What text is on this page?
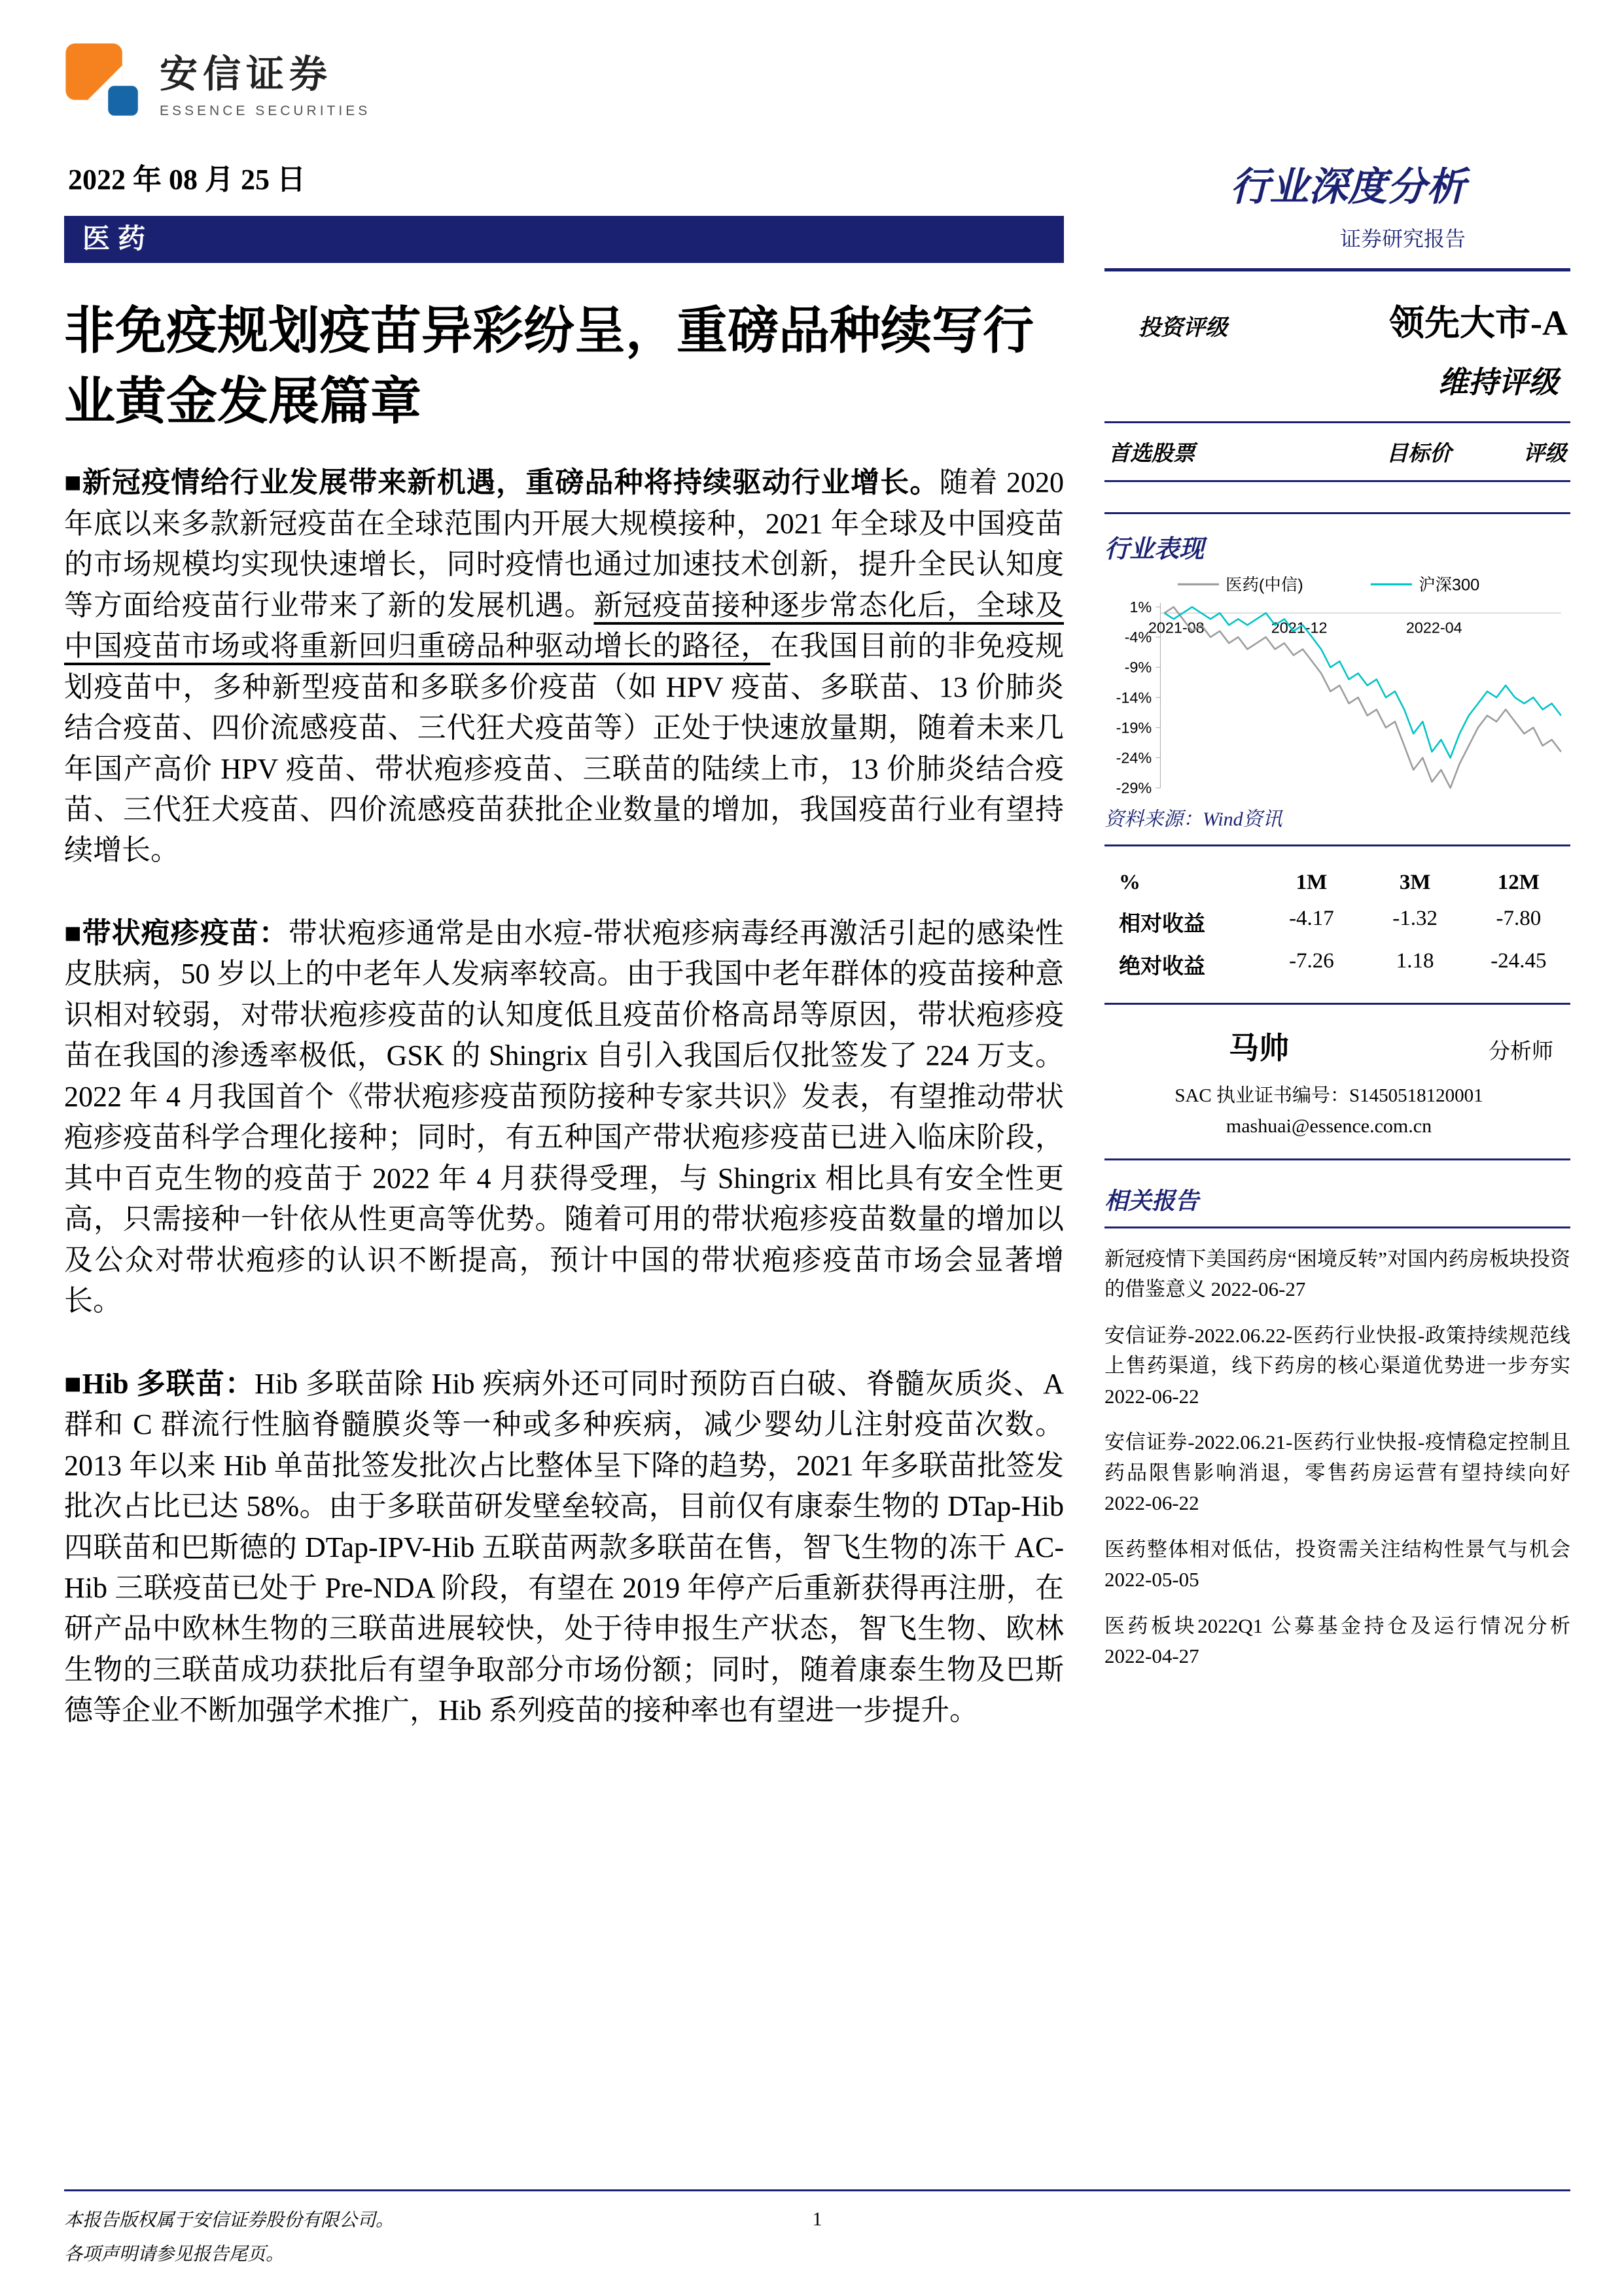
安信证券
ESSENCE SECURITIES
2022 年 08 月 25 日
医药
非免疫规划疫苗异彩纷呈，重磅品种续写行业黄金发展篇章

■新冠疫情给行业发展带来新机遇，重磅品种将持续驱动行业增长。随着 2020 年底以来多款新冠疫苗在全球范围内开展大规模接种，2021 年全球及中国疫苗的市场规模均实现快速增长，同时疫情也通过加速技术创新，提升全民认知度等方面给疫苗行业带来了新的发展机遇。新冠疫苗接种逐步常态化后，全球及中国疫苗市场或将重新回归重磅品种驱动增长的路径，在我国目前的非免疫规划疫苗中，多种新型疫苗和多联多价疫苗（如 HPV 疫苗、多联苗、13 价肺炎结合疫苗、四价流感疫苗、三代狂犬疫苗等）正处于快速放量期，随着未来几年国产高价 HPV 疫苗、带状疱疹疫苗、三联苗的陆续上市，13 价肺炎结合疫苗、三代狂犬疫苗、四价流感疫苗获批企业数量的增加，我国疫苗行业有望持续增长。

■带状疱疹疫苗：带状疱疹通常是由水痘-带状疱疹病毒经再激活引起的感染性皮肤病，50 岁以上的中老年人发病率较高。由于我国中老年群体的疫苗接种意识相对较弱，对带状疱疹疫苗的认知度低且疫苗价格高昂等原因，带状疱疹疫苗在我国的渗透率极低，GSK 的 Shingrix 自引入我国后仅批签发了 224 万支。2022 年 4 月我国首个《带状疱疹疫苗预防接种专家共识》发表，有望推动带状疱疹疫苗科学合理化接种；同时，有五种国产带状疱疹疫苗已进入临床阶段，其中百克生物的疫苗于 2022 年 4 月获得受理，与 Shingrix 相比具有安全性更高，只需接种一针依从性更高等优势。随着可用的带状疱疹疫苗数量的增加以及公众对带状疱疹的认识不断提高，预计中国的带状疱疹疫苗市场会显著增长。

■Hib 多联苗：Hib 多联苗除 Hib 疾病外还可同时预防百白破、脊髓灰质炎、A 群和 C 群流行性脑脊髓膜炎等一种或多种疾病，减少婴幼儿注射疫苗次数。2013 年以来 Hib 单苗批签发批次占比整体呈下降的趋势，2021 年多联苗批签发批次占比已达 58%。由于多联苗研发壁垒较高，目前仅有康泰生物的 DTap-Hib 四联苗和巴斯德的 DTap-IPV-Hib 五联苗两款多联苗在售，智飞生物的冻干 AC-Hib 三联疫苗已处于 Pre-NDA 阶段，有望在 2019 年停产后重新获得再注册，在研产品中欧林生物的三联苗进展较快，处于待申报生产状态，智飞生物、欧林生物的三联苗成功获批后有望争取部分市场份额；同时，随着康泰生物及巴斯德等企业不断加强学术推广，Hib 系列疫苗的接种率也有望进一步提升。

行业深度分析
证券研究报告
投资评级	领先大市-A
维持评级
首选股票	目标价	评级
行业表现
1%
-4%
-9%
-14%
-19%
-24%
-29%
2021-08	2021-12	2022-04
医药(中信)	沪深300
资料来源：Wind资讯
%	1M	3M	12M
相对收益	-4.17	-1.32	-7.80
绝对收益	-7.26	1.18	-24.45
马帅	分析师
SAC 执业证书编号：S1450518120001
mashuai@essence.com.cn
相关报告

新冠疫情下美国药房“困境反转”对国内药房板块投资的借鉴意义 2022-06-27

安信证券-2022.06.22-医药行业快报-政策持续规范线上售药渠道，线下药房的核心渠道优势进一步夯实 2022-06-22

安信证券-2022.06.21-医药行业快报-疫情稳定控制且药品限售影响消退，零售药房运营有望持续向好 2022-06-22

医药整体相对低估，投资需关注结构性景气与机会 2022-05-05

医药板块2022Q1 公募基金持仓及运行情况分析 2022-04-27

本报告版权属于安信证券股份有限公司。
各项声明请参见报告尾页。
1
